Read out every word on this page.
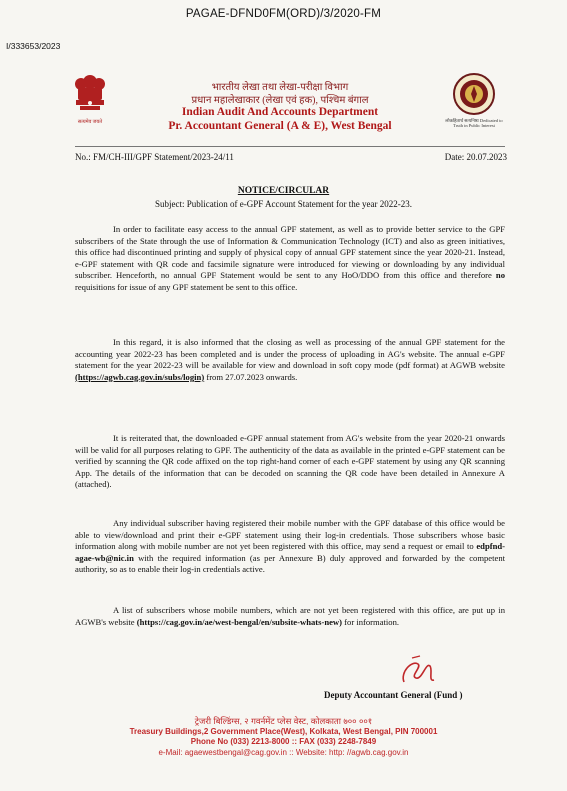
PAGAE-DFND0FM(ORD)/3/2020-FM
I/333653/2023
सत्यमेव जयते
भारतीय लेखा तथा लेखा-परीक्षा विभाग
प्रधान महालेखाकार (लेखा एवं हक), पश्चिम बंगाल
Indian Audit And Accounts Department
Pr. Accountant General (A & E), West Bengal	लोकहितार्थ सत्यनिष्ठा Dedicated to Truth in Public Interest
No.: FM/CH-III/GPF Statement/2023-24/11	Date: 20.07.2023
NOTICE/CIRCULAR
Subject: Publication of e-GPF Account Statement for the year 2022-23.

In order to facilitate easy access to the annual GPF statement, as well as to provide better service to the GPF subscribers of the State through the use of Information & Communication Technology (ICT) and also as green initiatives, this office had discontinued printing and supply of physical copy of annual GPF statement since the year 2020-21. Instead, e-GPF statement with QR code and facsimile signature were introduced for viewing or downloading by any individual subscriber. Henceforth, no annual GPF Statement would be sent to any HoO/DDO from this office and therefore no requisitions for issue of any GPF statement be sent to this office.

In this regard, it is also informed that the closing as well as processing of the annual GPF statement for the accounting year 2022-23 has been completed and is under the process of uploading in AG's website. The annual e-GPF statement for the year 2022-23 will be available for view and download in soft copy mode (pdf format) at AGWB website (https://agwb.cag.gov.in/subs/login) from 27.07.2023 onwards.

It is reiterated that, the downloaded e-GPF annual statement from AG's website from the year 2020-21 onwards will be valid for all purposes relating to GPF. The authenticity of the data as available in the printed e-GPF statement can be verified by scanning the QR code affixed on the top right-hand corner of each e-GPF statement by using any QR scanning App. The details of the information that can be decoded on scanning the QR code have been detailed in Annexure A (attached).

Any individual subscriber having registered their mobile number with the GPF database of this office would be able to view/download and print their e-GPF statement using their log-in credentials. Those subscribers whose basic information along with mobile number are not yet been registered with this office, may send a request or email to edpfnd-agae-wb@nic.in with the required information (as per Annexure B) duly approved and forwarded by the competent authority, so as to enable their log-in credentials active.

A list of subscribers whose mobile numbers, which are not yet been registered with this office, are put up in AGWB's website (https://cag.gov.in/ae/west-bengal/en/subsite-whats-new) for information.

Deputy Accountant General (Fund )
ट्रेजरी बिल्डिंग्स, २ गवर्नमेंट प्लेस वेस्ट, कोलकाता ७०० ००१
Treasury Buildings,2 Government Place(West), Kolkata, West Bengal, PIN 700001
Phone No (033) 2213-8000 :: FAX (033) 2248-7849
e-Mail: agaewestbengal@cag.gov.in :: Website: http: //agwb.cag.gov.in
